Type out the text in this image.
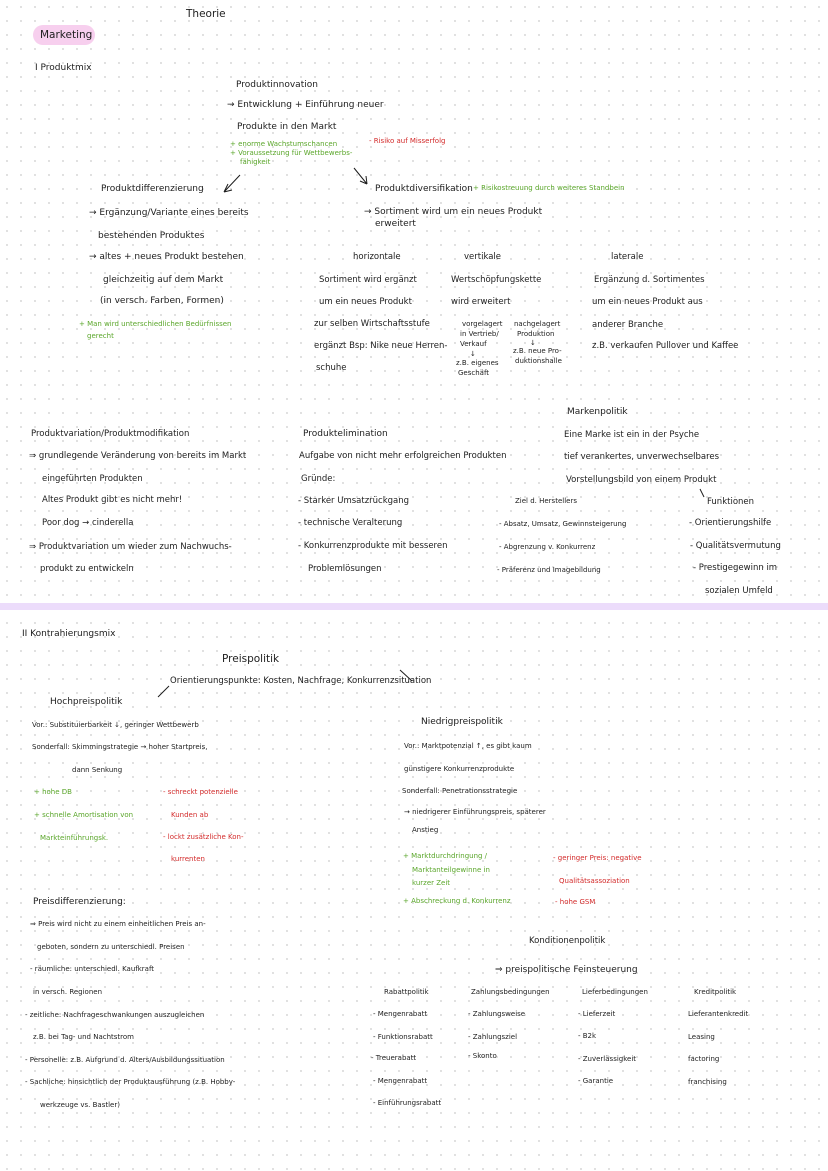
Theorie
Marketing
I Produktmix
Produktinnovation
→ Entwicklung + Einführung neuer
Produkte in den Markt
+ enorme Wachstumschancen
+ Voraussetzung für Wettbewerbs-
fähigkeit
- Risiko auf Misserfolg
Produktdifferenzierung
→ Ergänzung/Variante eines bereits
bestehenden Produktes
→ altes + neues Produkt bestehen
gleichzeitig auf dem Markt
(in versch. Farben, Formen)
+ Man wird unterschiedlichen Bedürfnissen
gerecht
Produktdiversifikation + Risikostreuung durch weiteres Standbein
→ Sortiment wird um ein neues Produkt
erweitert
horizontale
Sortiment wird ergänzt
um ein neues Produkt
zur selben Wirtschaftsstufe
ergänzt Bsp: Nike neue Herren-
schuhe
vertikale
Wertschöpfungskette
wird erweitert
vorgelagert
in Vertrieb/
Verkauf
↓
z.B. eigenes
Geschäft
nachgelagert
Produktion
↓
z.B. neue Pro-
duktionshalle
laterale
Ergänzung d. Sortimentes
um ein neues Produkt aus
anderer Branche
z.B. verkaufen Pullover und Kaffee
Produktvariation/Produktmodifikation
⇒ grundlegende Veränderung von bereits im Markt
eingeführten Produkten
Altes Produkt gibt es nicht mehr!
Poor dog → cinderella
⇒ Produktvariation um wieder zum Nachwuchs-
produkt zu entwickeln
Produktelimination
Aufgabe von nicht mehr erfolgreichen Produkten
Gründe:
- Starker Umsatzrückgang
- technische Veralterung
- Konkurrenzprodukte mit besseren
Problemlösungen
Markenpolitik
Eine Marke ist ein in der Psyche
tief verankertes, unverwechselbares
Vorstellungsbild von einem Produkt
Ziel d. Herstellers
- Absatz, Umsatz, Gewinnsteigerung
- Abgrenzung v. Konkurrenz
- Präferenz und Imagebildung
Funktionen
- Orientierungshilfe
- Qualitätsvermutung
- Prestigegewinn im
sozialen Umfeld
II Kontrahierungsmix
Preispolitik
Orientierungspunkte: Kosten, Nachfrage, Konkurrenzsituation
Hochpreispolitik
Vor.: Substituierbarkeit ↓, geringer Wettbewerb
Sonderfall: Skimmingstrategie → hoher Startpreis,
dann Senkung
+ hohe DB
+ schnelle Amortisation von
Markteinführungsk.
- schreckt potenzielle
Kunden ab
- lockt zusätzliche Kon-
kurrenten
Niedrigpreispolitik
Vor.: Marktpotenzial ↑, es gibt kaum
günstigere Konkurrenzprodukte
Sonderfall: Penetrationsstrategie
→ niedrigerer Einführungspreis, späterer
Anstieg
+ Marktdurchdringung /
Marktanteilgewinne in
kurzer Zeit
+ Abschreckung d. Konkurrenz
- geringer Preis: negative
Qualitätsassoziation
- hohe GSM
Preisdifferenzierung:
⇒ Preis wird nicht zu einem einheitlichen Preis an-
geboten, sondern zu unterschiedl. Preisen
- räumliche: unterschiedl. Kaufkraft
in versch. Regionen
- zeitliche: Nachfrageschwankungen auszugleichen
z.B. bei Tag- und Nachtstrom
- Personelle: z.B. Aufgrund d. Alters/Ausbildungssituation
- Sachliche: hinsichtlich der Produktausführung (z.B. Hobby-
werkzeuge vs. Bastler)
Konditionenpolitik
⇒ preispolitische Feinsteuerung
Rabattpolitik
- Mengenrabatt
- Funktionsrabatt
- Treuerabatt
- Mengenrabatt
- Einführungsrabatt
Zahlungsbedingungen
- Zahlungsweise
- Zahlungsziel
- Skonto
Lieferbedingungen
- Lieferzeit
- B2k
- Zuverlässigkeit
- Garantie
Kreditpolitik
Lieferantenkredit
Leasing
factoring
franchising
